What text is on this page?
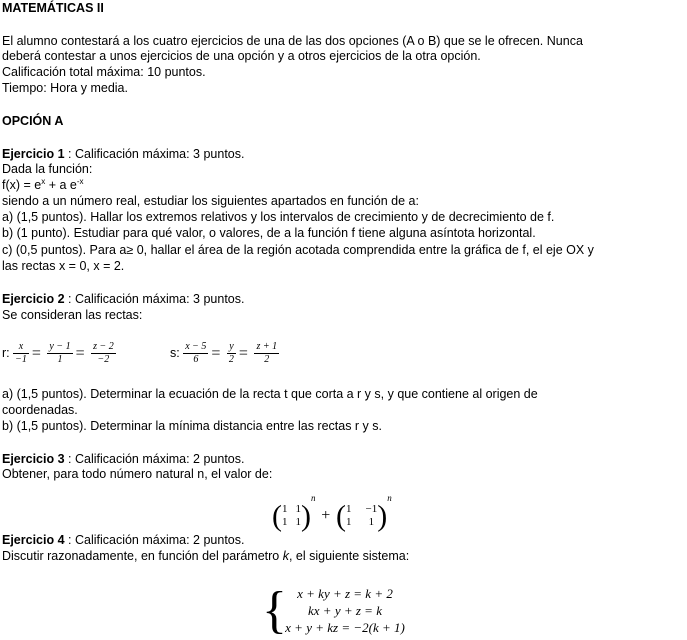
MATEMÁTICAS II
El alumno contestará a los cuatro ejercicios de una de las dos opciones (A o B) que se le ofrecen. Nunca
deberá contestar a unos ejercicios de una opción y a otros ejercicios de la otra opción.
Calificación total máxima: 10 puntos.
Tiempo: Hora y media.
OPCIÓN A
Ejercicio 1 : Calificación máxima: 3 puntos.
Dada la función:
$f(x) = e^x + a$ $e^{-x}$
siendo a un número real, estudiar los siguientes apartados en función de a:
a) (1,5 puntos). Hallar los extremos relativos y los intervalos de crecimiento y de decrecimiento de f.
b) (1 punto). Estudiar para qué valor, o valores, de a la función f tiene alguna asíntota horizontal.
c) (0,5 puntos). Para a≥ 0, hallar el área de la región acotada comprendida entre la gráfica de f, el eje OX y
las rectas x = 0, x = 2.
Ejercicio 2 : Calificación máxima: 3 puntos.
Se consideran las rectas:
r: $\frac{x}{-1} = \frac{y - 1}{1} = \frac{z - 2}{-2}$	s: $\frac{x - 5}{6} = \frac{y}{2} = \frac{z + 1}{2}$
a) (1,5 puntos). Determinar la ecuación de la recta t que corta a r y s, y que contiene al origen de
coordenadas.
b) (1,5 puntos). Determinar la mínima distancia entre las rectas r y s.
Ejercicio 3 : Calificación máxima: 2 puntos.
Obtener, para todo número natural n, el valor de:
( 1 1
1 1 )$^n$ + ( 1 −1
1 1 )$^n$
Ejercicio 4 : Calificación máxima: 2 puntos.
Discutir razonadamente, en función del parámetro k, el siguiente sistema:
{ x + ky + z = k + 2
kx + y + z = k
x + y + kz = −2(k + 1)
